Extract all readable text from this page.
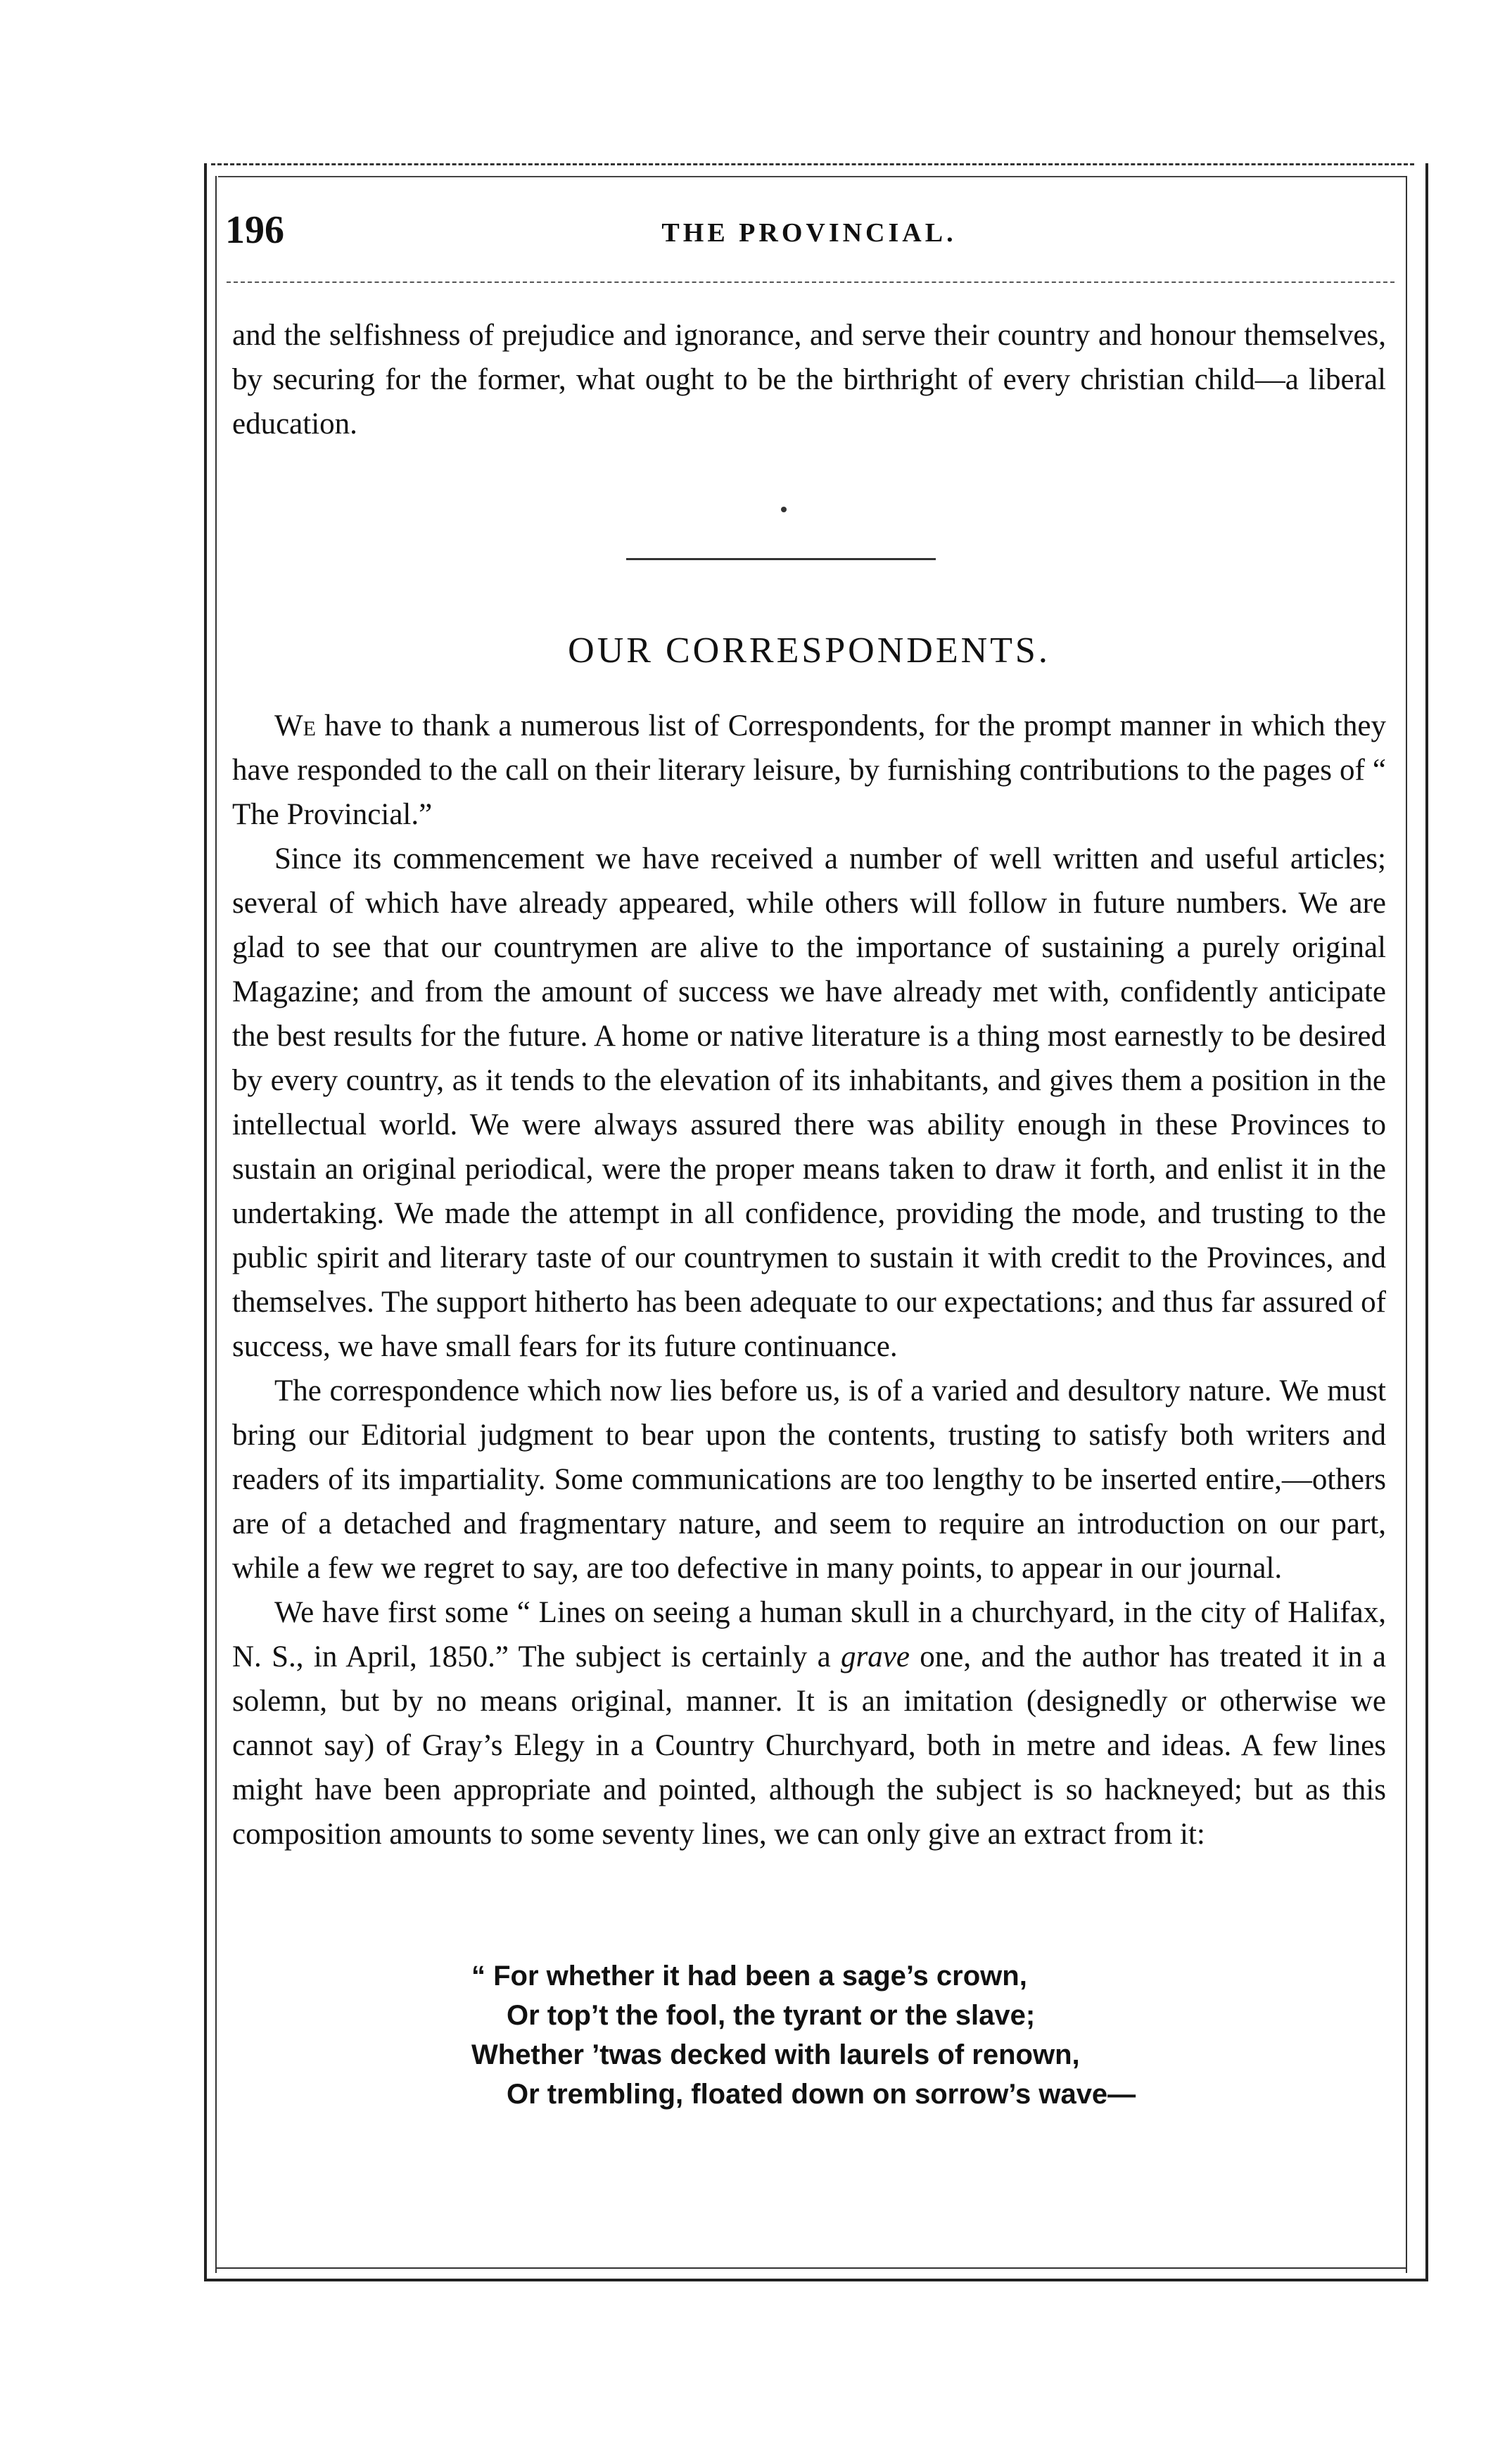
196	THE PROVINCIAL.

and the selfishness of prejudice and ignorance, and serve their country and honour themselves, by securing for the former, what ought to be the birthright of every christian child—a liberal education.

OUR CORRESPONDENTS.

We have to thank a numerous list of Correspondents, for the prompt manner in which they have responded to the call on their literary leisure, by furnishing contributions to the pages of “ The Provincial.”

Since its commencement we have received a number of well written and useful articles; several of which have already appeared, while others will follow in future numbers. We are glad to see that our countrymen are alive to the importance of sustaining a purely original Magazine; and from the amount of success we have already met with, confidently anticipate the best results for the future. A home or native literature is a thing most earnestly to be desired by every country, as it tends to the elevation of its inhabitants, and gives them a position in the intellectual world. We were always assured there was ability enough in these Provinces to sustain an original periodical, were the proper means taken to draw it forth, and enlist it in the undertaking. We made the attempt in all confidence, providing the mode, and trusting to the public spirit and literary taste of our countrymen to sustain it with credit to the Provinces, and themselves. The support hitherto has been adequate to our expectations; and thus far assured of success, we have small fears for its future continuance.

The correspondence which now lies before us, is of a varied and desultory nature. We must bring our Editorial judgment to bear upon the contents, trusting to satisfy both writers and readers of its impartiality. Some communications are too lengthy to be inserted entire,—others are of a detached and fragmentary nature, and seem to require an introduction on our part, while a few we regret to say, are too defective in many points, to appear in our journal.

We have first some “ Lines on seeing a human skull in a churchyard, in the city of Halifax, N. S., in April, 1850.” The subject is certainly a grave one, and the author has treated it in a solemn, but by no means original, manner. It is an imitation (designedly or otherwise we cannot say) of Gray’s Elegy in a Country Churchyard, both in metre and ideas. A few lines might have been appropriate and pointed, although the subject is so hackneyed; but as this composition amounts to some seventy lines, we can only give an extract from it:

“ For whether it had been a sage’s crown,
Or top’t the fool, the tyrant or the slave;
Whether ’twas decked with laurels of renown,
Or trembling, floated down on sorrow’s wave—
